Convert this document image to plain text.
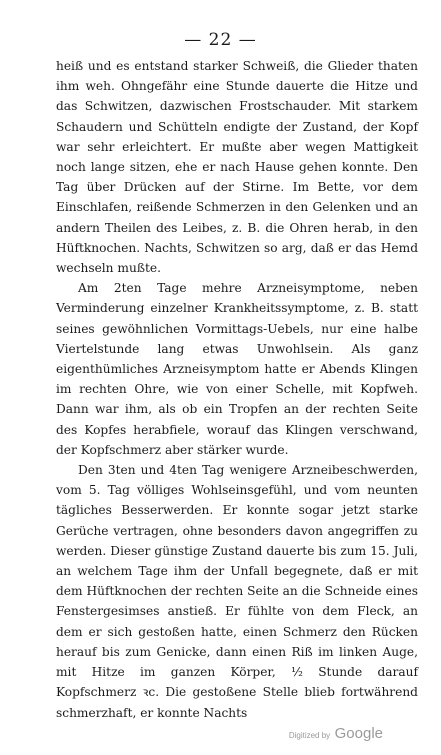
— 22 —

heiß und es entstand starker Schweiß, die Glieder thaten ihm weh. Ohngefähr eine Stunde dauerte die Hitze und das Schwitzen, dazwischen Frostschauder. Mit starkem Schaudern und Schütteln endigte der Zustand, der Kopf war sehr erleichtert. Er mußte aber wegen Mattigkeit noch lange sitzen, ehe er nach Hause gehen konnte. Den Tag über Drücken auf der Stirne. Im Bette, vor dem Einschlafen, reißende Schmerzen in den Gelenken und an andern Theilen des Leibes, z. B. die Ohren herab, in den Hüftknochen. Nachts, Schwitzen so arg, daß er das Hemd wechseln mußte.

Am 2ten Tage mehre Arzneisymptome, neben Verminderung einzelner Krankheitssymptome, z. B. statt seines gewöhnlichen Vormittags-Uebels, nur eine halbe Viertelstunde lang etwas Unwohlsein. Als ganz eigenthümliches Arzneisymptom hatte er Abends Klingen im rechten Ohre, wie von einer Schelle, mit Kopfweh. Dann war ihm, als ob ein Tropfen an der rechten Seite des Kopfes herabfiele, worauf das Klingen verschwand, der Kopfschmerz aber stärker wurde.

Den 3ten und 4ten Tag wenigere Arzneibeschwerden, vom 5. Tag völliges Wohlseinsgefühl, und vom neunten tägliches Besserwerden. Er konnte sogar jetzt starke Gerüche vertragen, ohne besonders davon angegriffen zu werden. Dieser günstige Zustand dauerte bis zum 15. Juli, an welchem Tage ihm der Unfall begegnete, daß er mit dem Hüftknochen der rechten Seite an die Schneide eines Fenstergesimses anstieß. Er fühlte von dem Fleck, an dem er sich gestoßen hatte, einen Schmerz den Rücken herauf bis zum Genicke, dann einen Riß im linken Auge, mit Hitze im ganzen Körper, ½ Stunde darauf Kopfschmerz ꝛc. Die gestoßene Stelle blieb fortwährend schmerzhaft, er konnte Nachts

Digitized by Google
